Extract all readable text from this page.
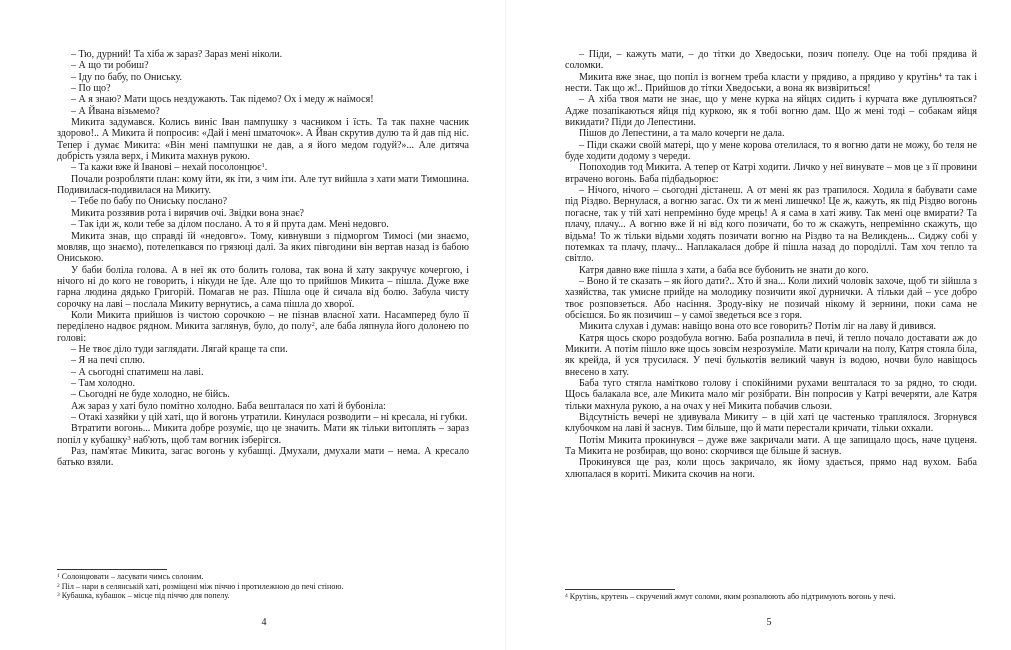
– Тю, дурний! Та хіба ж зараз? Зараз мені ніколи.

– А що ти робиш?

– Іду по бабу, по Ониську.

– По що?

– А я знаю? Мати щось нездужають. Так підемо? Ох і меду ж наїмося!

– А Йвана візьмемо?

Микита задумався. Колись виніс Іван пампушку з часником і їсть. Та так пахне часник здорово!.. А Микита й попросив: «Дай і мені шматочок». А Йван скрутив дулю та й дав під ніс. Тепер і думає Микита: «Він мені пампушки не дав, а я його медом годуй?»... Але дитяча добрість узяла верх, і Микита махнув рукою.

– Та кажи вже й Іванові – нехай посолонцює$^1$.

Почали розробляти план: кому йти, як іти, з чим іти. Але тут вийшла з хати мати Тимошина. Подивилася-подивилася на Микиту.

– Тебе по бабу по Ониську послано?

Микита роззявив рота і вирячив очі. Звідки вона знає?

– Так іди ж, коли тебе за ділом послано. А то я й прута дам. Мені недовго.

Микита знав, що справді їй «недовго». Тому, кивнувши з підморгом Тимосі (ми знаємо, мовляв, що знаємо), потелепкався по грязюці далі. За яких півгодини він вертав назад із бабою Ониською.

У баби боліла голова. А в неї як ото болить голова, так вона й хату закручує кочергою, і нічого ні до кого не говорить, і нікуди не їде. Але що то прийшов Микита – пішла. Дуже вже гарна людина дядько Григорій. Помагав не раз. Пішла оце й сичала від болю. Забула чисту сорочку на лаві – послала Микиту вернутись, а сама пішла до хворої.

Коли Микита прийшов із чистою сорочкою – не пізнав власної хати. Насамперед було її переділено надвоє рядном. Микита заглянув, було, до полу$^2$, але баба ляпнула його долонею по голові:

– Не твоє діло туди заглядати. Лягай краще та спи.

– Я на печі сплю.

– А сьогодні спатимеш на лаві.

– Там холодно.

– Сьогодні не буде холодно, не бійсь.

Аж зараз у хаті було помітно холодно. Баба вешталася по хаті й бубоніла:

– Отакі хазяйки у цій хаті, що й вогонь утратили. Кинулася розводити – ні кресала, ні губки.

Втратити вогонь... Микита добре розуміє, що це значить. Мати як тільки витоплять – зараз попіл у кубашку$^3$ наб'ють, щоб там вогник ізберігся.

Раз, пам'ятає Микита, загас вогонь у кубашці. Дмухали, дмухали мати – нема. А кресало батько взяли.

$^1$ Солонцювати – ласувати чимсь солоним.

$^2$ Піл – нари в селянській хаті, розміщені між піччю і протилежною до печі стіною.

$^3$ Кубашка, кубашок – місце під піччю для попелу.

4

– Піди, – кажуть мати, – до тітки до Хведоськи, позич попелу. Оце на тобі прядива й соломки.

Микита вже знає, що попіл із вогнем треба класти у прядиво, а прядиво у крутінь$^4$ та так і нести. Так що ж!.. Прийшов до тітки Хведоськи, а вона як визвіриться!

– А хіба твоя мати не знає, що у мене курка на яйцях сидить і курчата вже дуплюяться? Адже позапікаються яйця під куркою, як я тобі вогню дам. Що ж мені тоді – собакам яйця викидати? Піди до Лепестини.

Пішов до Лепестини, а та мало кочерги не дала.

– Піди скажи своїй матері, що у мене корова отелилася, то я вогню дати не можу, бо теля не буде ходити додому з череди.

Попоходив тод Микита. А тепер от Катрі ходити. Личко у неї винувате – мов це з її провини втрачено вогонь. Баба підбадьорює:

– Нічого, нічого – сьогодні дістанеш. А от мені як раз трапилося. Ходила я бабувати саме під Різдво. Вернулася, а вогню загас. Ох ти ж мені лишечко! Це ж, кажуть, як під Різдво вогонь погасне, так у тій хаті непремінно буде мрець! А я сама в хаті живу. Так мені оце вмирати? Та плачу, плачу... А вогню вже й ні від кого позичати, бо то ж скажуть, непремінно скажуть, що відьма! То ж тільки відьми ходять позичати вогню на Різдво та на Великдень... Сиджу собі у потемках та плачу, плачу... Наплакалася добре й пішла назад до породіллі. Там хоч тепло та світло.

Катря давно вже пішла з хати, а баба все бубонить не знати до кого.

– Воно й те сказать – як його дати?.. Хто й зна... Коли лихий чоловік захоче, щоб ти зійшла з хазяйства, так умисне прийде на молодику позичити якої дурнички. А тільки дай – усе добро твоє розповзеться. Або насіння. Зроду-віку не позичай нікому й зернини, поки сама не обсієшся. Бо як позичиш – у самої зведеться все з горя.

Микита слухав і думав: навіщо вона ото все говорить? Потім ліг на лаву й дивився.

Катря щось скоро роздобула вогню. Баба розпалила в печі, й тепло почало доставати аж до Микити. А потім пішло вже щось зовсім незрозуміле. Мати кричали на полу, Катря стояла біла, як крейда, й уся трусилася. У печі булькотів великий чавун із водою, ночви було навіщось внесено в хату.

Баба туго стягла намітково голову і спокійними рухами вешталася то за рядно, то сюди. Щось балакала все, але Микита мало міг розібрати. Він попросив у Катрі вечеряти, але Катря тільки махнула рукою, а на очах у неї Микита побачив сльози.

Відсутність вечері не здивувала Микиту – в цій хаті це частенько траплялося. Згорнувся клубочком на лаві й заснув. Тим більше, що й мати перестали кричати, тільки охкали.

Потім Микита прокинувся – дуже вже закричали мати. А ще запищало щось, наче цуценя. Та Микита не розбирав, що воно: скорчився ще більше й заснув.

Прокинувся ще раз, коли щось закричало, як йому здається, прямо над вухом. Баба хлюпалася в кориті. Микита скочив на ноги.

$^4$ Крутінь, крутень – скручений жмут соломи, яким розпалюють або підтримують вогонь у печі.

5
